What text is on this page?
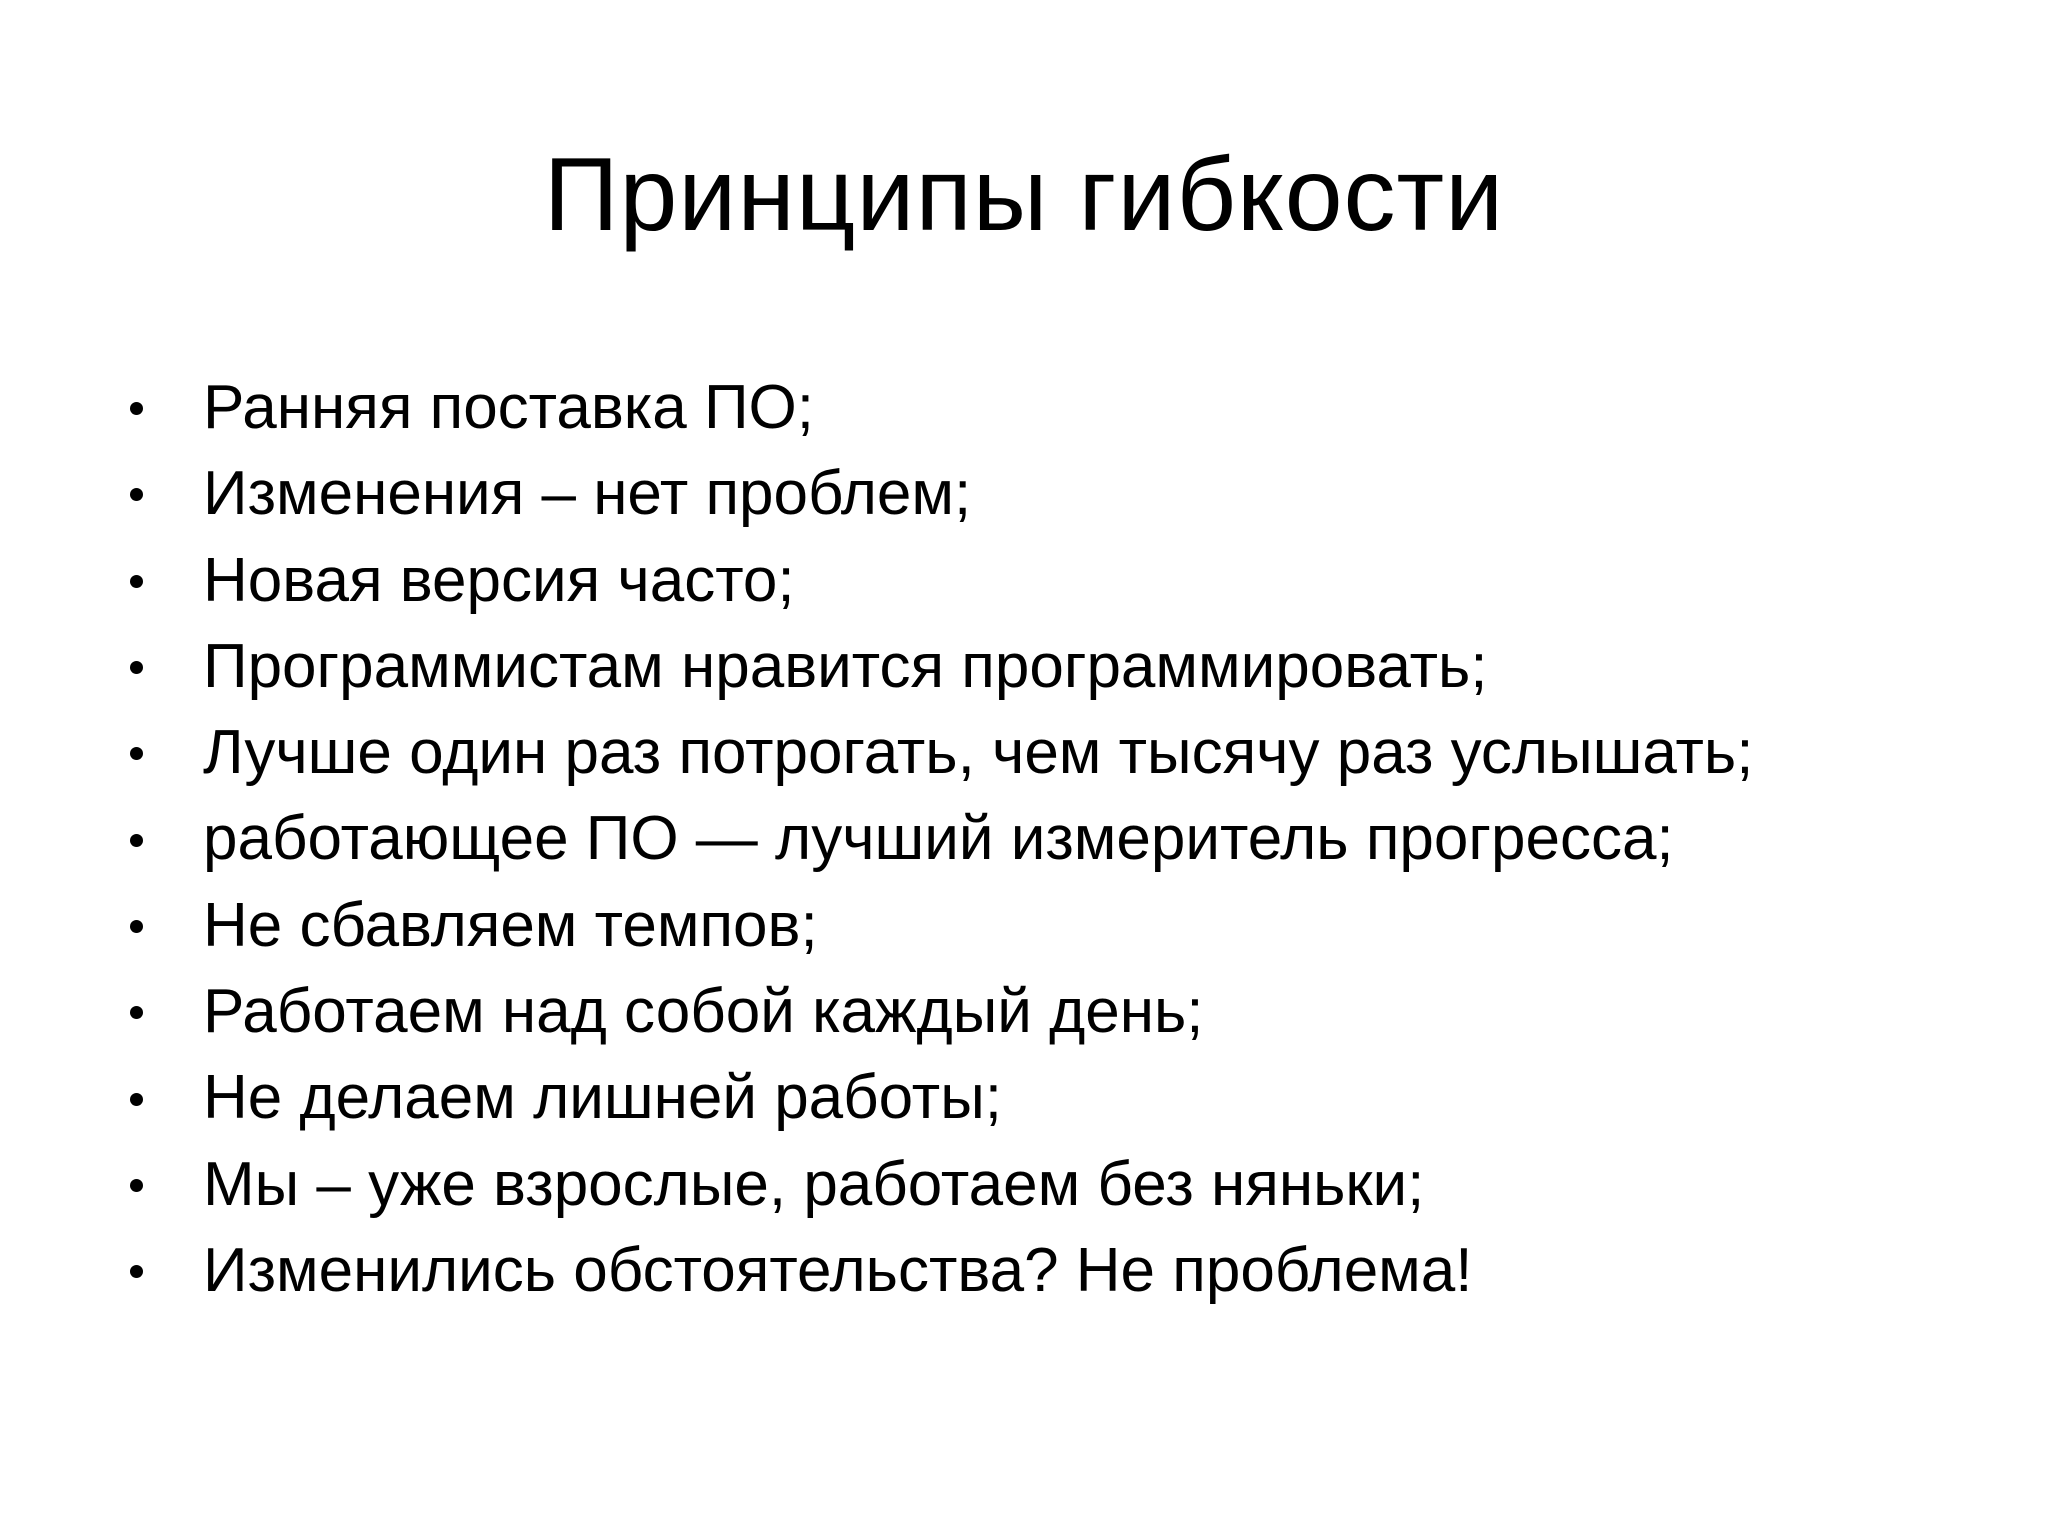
Принципы гибкости
Ранняя поставка ПО;
Изменения – нет проблем;
Новая версия часто;
Программистам нравится программировать;
Лучше один раз потрогать, чем тысячу раз услышать;
работающее ПО — лучший измеритель прогресса;
Не сбавляем темпов;
Работаем над собой каждый день;
Не делаем лишней работы;
Мы – уже взрослые, работаем без няньки;
Изменились обстоятельства? Не проблема!
